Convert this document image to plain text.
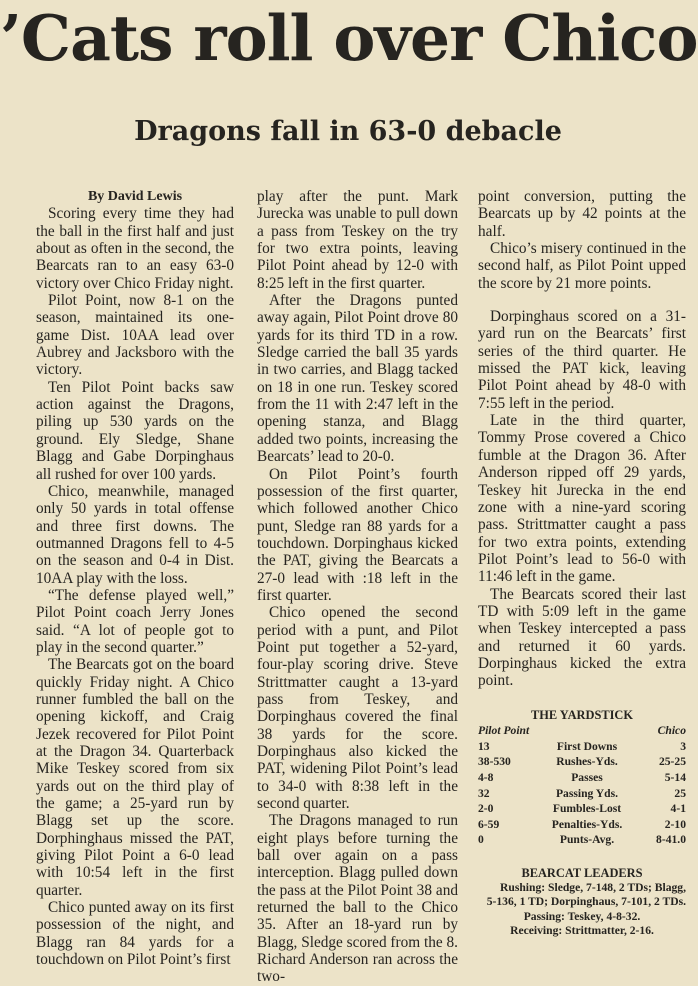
’Cats roll over Chico
Dragons fall in 63-0 debacle

By David Lewis

Scoring every time they had the ball in the first half and just about as often in the second, the Bearcats ran to an easy 63-0 victory over Chico Friday night.

Pilot Point, now 8-1 on the season, maintained its one-game Dist. 10AA lead over Aubrey and Jacksboro with the victory.

Ten Pilot Point backs saw action against the Dragons, piling up 530 yards on the ground. Ely Sledge, Shane Blagg and Gabe Dorpinghaus all rushed for over 100 yards.

Chico, meanwhile, managed only 50 yards in total offense and three first downs. The outmanned Dragons fell to 4-5 on the season and 0-4 in Dist. 10AA play with the loss.

“The defense played well,” Pilot Point coach Jerry Jones said. “A lot of people got to play in the second quarter.”

The Bearcats got on the board quickly Friday night. A Chico runner fumbled the ball on the opening kickoff, and Craig Jezek recovered for Pilot Point at the Dragon 34. Quarterback Mike Teskey scored from six yards out on the third play of the game; a 25-yard run by Blagg set up the score. Dorphinghaus missed the PAT, giving Pilot Point a 6-0 lead with 10:54 left in the first quarter.

Chico punted away on its first possession of the night, and Blagg ran 84 yards for a touchdown on Pilot Point’s first

play after the punt. Mark Jurecka was unable to pull down a pass from Teskey on the try for two extra points, leaving Pilot Point ahead by 12-0 with 8:25 left in the first quarter.

After the Dragons punted away again, Pilot Point drove 80 yards for its third TD in a row. Sledge carried the ball 35 yards in two carries, and Blagg tacked on 18 in one run. Teskey scored from the 11 with 2:47 left in the opening stanza, and Blagg added two points, increasing the Bearcats’ lead to 20-0.

On Pilot Point’s fourth possession of the first quarter, which followed another Chico punt, Sledge ran 88 yards for a touchdown. Dorpinghaus kicked the PAT, giving the Bearcats a 27-0 lead with :18 left in the first quarter.

Chico opened the second period with a punt, and Pilot Point put together a 52-yard, four-play scoring drive. Steve Strittmatter caught a 13-yard pass from Teskey, and Dorpinghaus covered the final 38 yards for the score. Dorpinghaus also kicked the PAT, widening Pilot Point’s lead to 34-0 with 8:38 left in the second quarter.

The Dragons managed to run eight plays before turning the ball over again on a pass interception. Blagg pulled down the pass at the Pilot Point 38 and returned the ball to the Chico 35. After an 18-yard run by Blagg, Sledge scored from the 8. Richard Anderson ran across the two-

point conversion, putting the Bearcats up by 42 points at the half.

Chico’s misery continued in the second half, as Pilot Point upped the score by 21 more points.

Dorpinghaus scored on a 31-yard run on the Bearcats’ first series of the third quarter. He missed the PAT kick, leaving Pilot Point ahead by 48-0 with 7:55 left in the period.

Late in the third quarter, Tommy Prose covered a Chico fumble at the Dragon 36. After Anderson ripped off 29 yards, Teskey hit Jurecka in the end zone with a nine-yard scoring pass. Strittmatter caught a pass for two extra points, extending Pilot Point’s lead to 56-0 with 11:46 left in the game.

The Bearcats scored their last TD with 5:09 left in the game when Teskey intercepted a pass and returned it 60 yards. Dorpinghaus kicked the extra point.

THE YARDSTICK
Pilot Point	Chico
13	First Downs	3
38-530	Rushes-Yds.	25-25
4-8	Passes	5-14
32	Passing Yds.	25
2-0	Fumbles-Lost	4-1
6-59	Penalties-Yds.	2-10
0	Punts-Avg.	8-41.0
BEARCAT LEADERS
Rushing: Sledge, 7-148, 2 TDs; Blagg,
5-136, 1 TD; Dorpinghaus, 7-101, 2 TDs.
Passing: Teskey, 4-8-32.
Receiving: Strittmatter, 2-16.
